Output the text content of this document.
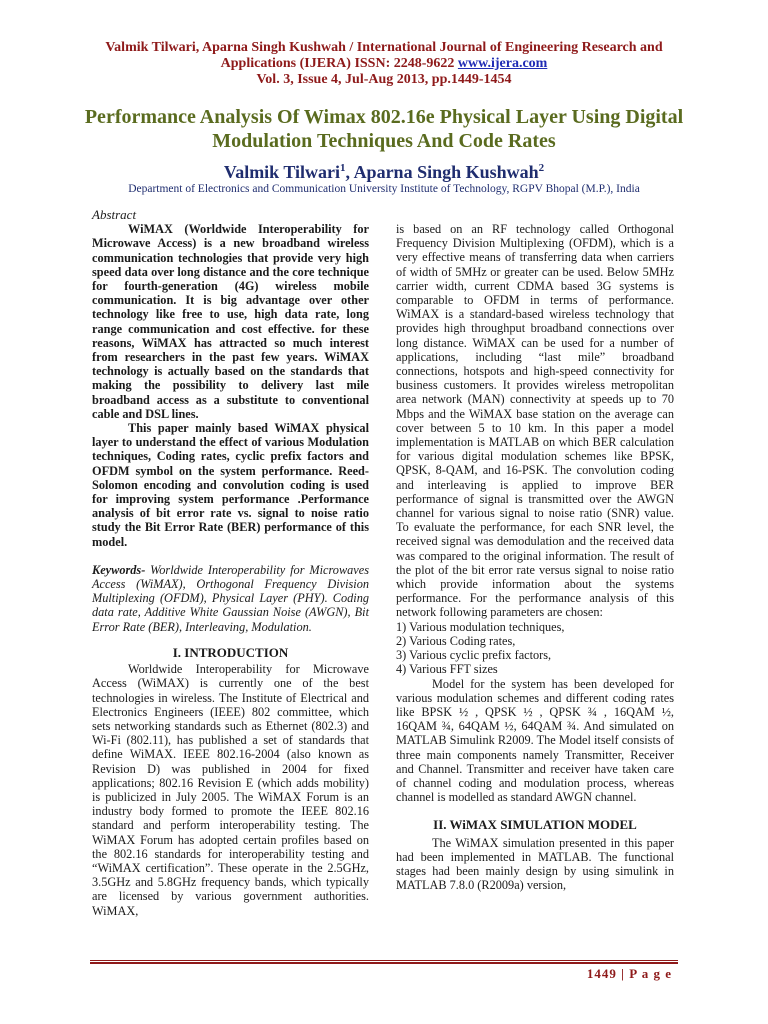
Valmik Tilwari, Aparna Singh Kushwah / International Journal of Engineering Research and
Applications (IJERA) ISSN: 2248-9622 www.ijera.com
Vol. 3, Issue 4, Jul-Aug 2013, pp.1449-1454
Performance Analysis Of Wimax 802.16e Physical Layer Using Digital Modulation Techniques And Code Rates
Valmik Tilwari$^1$, Aparna Singh Kushwah$^2$
Department of Electronics and Communication University Institute of Technology, RGPV Bhopal (M.P.), India

Abstract

WiMAX (Worldwide Interoperability for Microwave Access) is a new broadband wireless communication technologies that provide very high speed data over long distance and the core technique for fourth-generation (4G) wireless mobile communication. It is big advantage over other technology like free to use, high data rate, long range communication and cost effective. for these reasons, WiMAX has attracted so much interest from researchers in the past few years. WiMAX technology is actually based on the standards that making the possibility to delivery last mile broadband access as a substitute to conventional cable and DSL lines.

This paper mainly based WiMAX physical layer to understand the effect of various Modulation techniques, Coding rates, cyclic prefix factors and OFDM symbol on the system performance. Reed-Solomon encoding and convolution coding is used for improving system performance .Performance analysis of bit error rate vs. signal to noise ratio study the Bit Error Rate (BER) performance of this model.

Keywords- Worldwide Interoperability for Microwaves Access (WiMAX), Orthogonal Frequency Division Multiplexing (OFDM), Physical Layer (PHY). Coding data rate, Additive White Gaussian Noise (AWGN), Bit Error Rate (BER), Interleaving, Modulation.

I. INTRODUCTION

Worldwide Interoperability for Microwave Access (WiMAX) is currently one of the best technologies in wireless. The Institute of Electrical and Electronics Engineers (IEEE) 802 committee, which sets networking standards such as Ethernet (802.3) and Wi-Fi (802.11), has published a set of standards that define WiMAX. IEEE 802.16-2004 (also known as Revision D) was published in 2004 for fixed applications; 802.16 Revision E (which adds mobility) is publicized in July 2005. The WiMAX Forum is an industry body formed to promote the IEEE 802.16 standard and perform interoperability testing. The WiMAX Forum has adopted certain profiles based on the 802.16 standards for interoperability testing and “WiMAX certification”. These operate in the 2.5GHz, 3.5GHz and 5.8GHz frequency bands, which typically are licensed by various government authorities. WiMAX,

is based on an RF technology called Orthogonal Frequency Division Multiplexing (OFDM), which is a very effective means of transferring data when carriers of width of 5MHz or greater can be used. Below 5MHz carrier width, current CDMA based 3G systems is comparable to OFDM in terms of performance. WiMAX is a standard-based wireless technology that provides high throughput broadband connections over long distance. WiMAX can be used for a number of applications, including “last mile” broadband connections, hotspots and high-speed connectivity for business customers. It provides wireless metropolitan area network (MAN) connectivity at speeds up to 70 Mbps and the WiMAX base station on the average can cover between 5 to 10 km. In this paper a model implementation is MATLAB on which BER calculation for various digital modulation schemes like BPSK, QPSK, 8-QAM, and 16-PSK. The convolution coding and interleaving is applied to improve BER performance of signal is transmitted over the AWGN channel for various signal to noise ratio (SNR) value. To evaluate the performance, for each SNR level, the received signal was demodulation and the received data was compared to the original information. The result of the plot of the bit error rate versus signal to noise ratio which provide information about the systems performance. For the performance analysis of this network following parameters are chosen:

1) Various modulation techniques,

2) Various Coding rates,

3) Various cyclic prefix factors,

4) Various FFT sizes

Model for the system has been developed for various modulation schemes and different coding rates like BPSK ½ , QPSK ½ , QPSK ¾ , 16QAM ½, 16QAM ¾, 64QAM ½, 64QAM ¾. And simulated on MATLAB Simulink R2009. The Model itself consists of three main components namely Transmitter, Receiver and Channel. Transmitter and receiver have taken care of channel coding and modulation process, whereas channel is modelled as standard AWGN channel.

II. WiMAX SIMULATION MODEL

The WiMAX simulation presented in this paper had been implemented in MATLAB. The functional stages had been mainly design by using simulink in MATLAB 7.8.0 (R2009a) version,

1449 | P a g e
